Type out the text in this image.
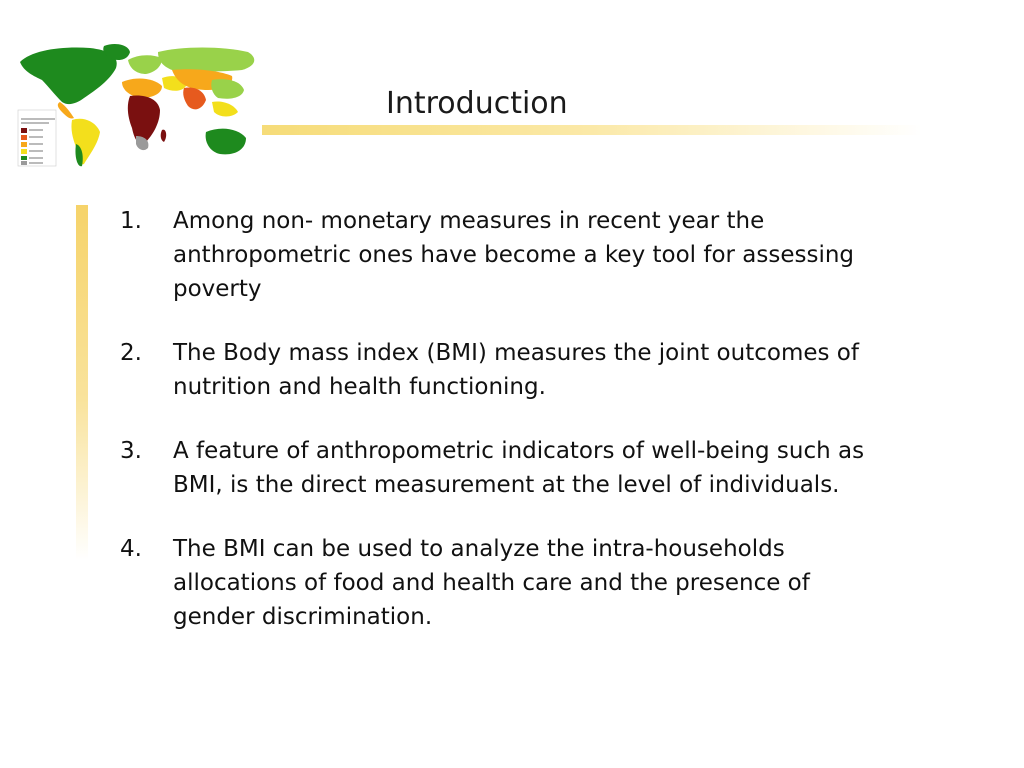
Introduction
1.	Among non- monetary measures in recent year the
anthropometric ones have become a key tool for assessing
poverty
2.	The Body mass index (BMI) measures the joint outcomes of
nutrition and health functioning.
3.	A feature of anthropometric indicators of well-being such as
BMI, is the direct measurement at the level of individuals.
4.	The BMI can be used to analyze the intra-households
allocations of food and health care and the presence of
gender discrimination.
